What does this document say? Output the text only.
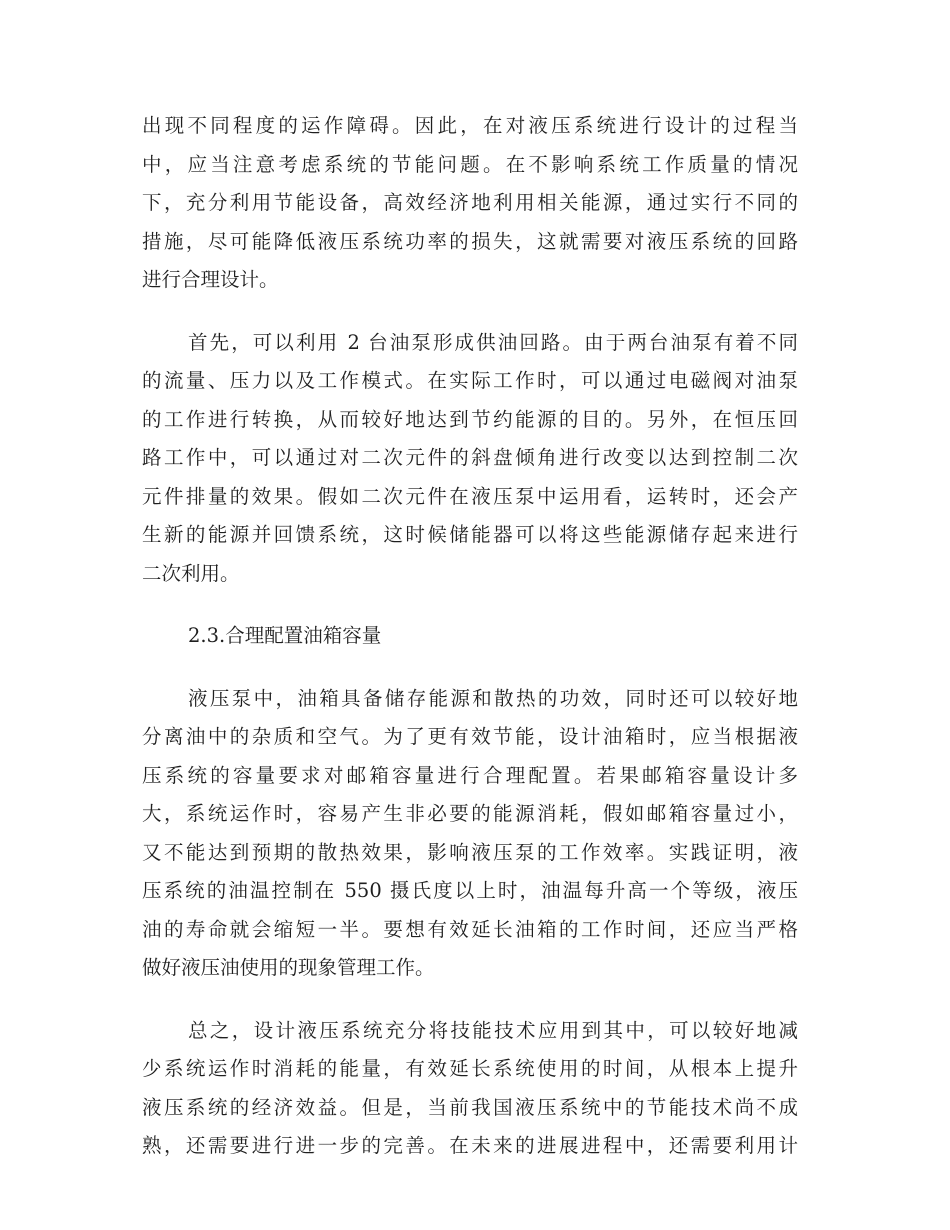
出现不同程度的运作障碍。因此，在对液压系统进行设计的过程当
中，应当注意考虑系统的节能问题。在不影响系统工作质量的情况
下，充分利用节能设备，高效经济地利用相关能源，通过实行不同的
措施，尽可能降低液压系统功率的损失，这就需要对液压系统的回路
进行合理设计。
首先，可以利用 2 台油泵形成供油回路。由于两台油泵有着不同
的流量、压力以及工作模式。在实际工作时，可以通过电磁阀对油泵
的工作进行转换，从而较好地达到节约能源的目的。另外，在恒压回
路工作中，可以通过对二次元件的斜盘倾角进行改变以达到控制二次
元件排量的效果。假如二次元件在液压泵中运用看，运转时，还会产
生新的能源并回馈系统，这时候储能器可以将这些能源储存起来进行
二次利用。
2.3.合理配置油箱容量
液压泵中，油箱具备储存能源和散热的功效，同时还可以较好地
分离油中的杂质和空气。为了更有效节能，设计油箱时，应当根据液
压系统的容量要求对邮箱容量进行合理配置。若果邮箱容量设计多
大，系统运作时，容易产生非必要的能源消耗，假如邮箱容量过小，
又不能达到预期的散热效果，影响液压泵的工作效率。实践证明，液
压系统的油温控制在 550 摄氏度以上时，油温每升高一个等级，液压
油的寿命就会缩短一半。要想有效延长油箱的工作时间，还应当严格
做好液压油使用的现象管理工作。
总之，设计液压系统充分将技能技术应用到其中，可以较好地减
少系统运作时消耗的能量，有效延长系统使用的时间，从根本上提升
液压系统的经济效益。但是，当前我国液压系统中的节能技术尚不成
熟，还需要进行进一步的完善。在未来的进展进程中，还需要利用计
